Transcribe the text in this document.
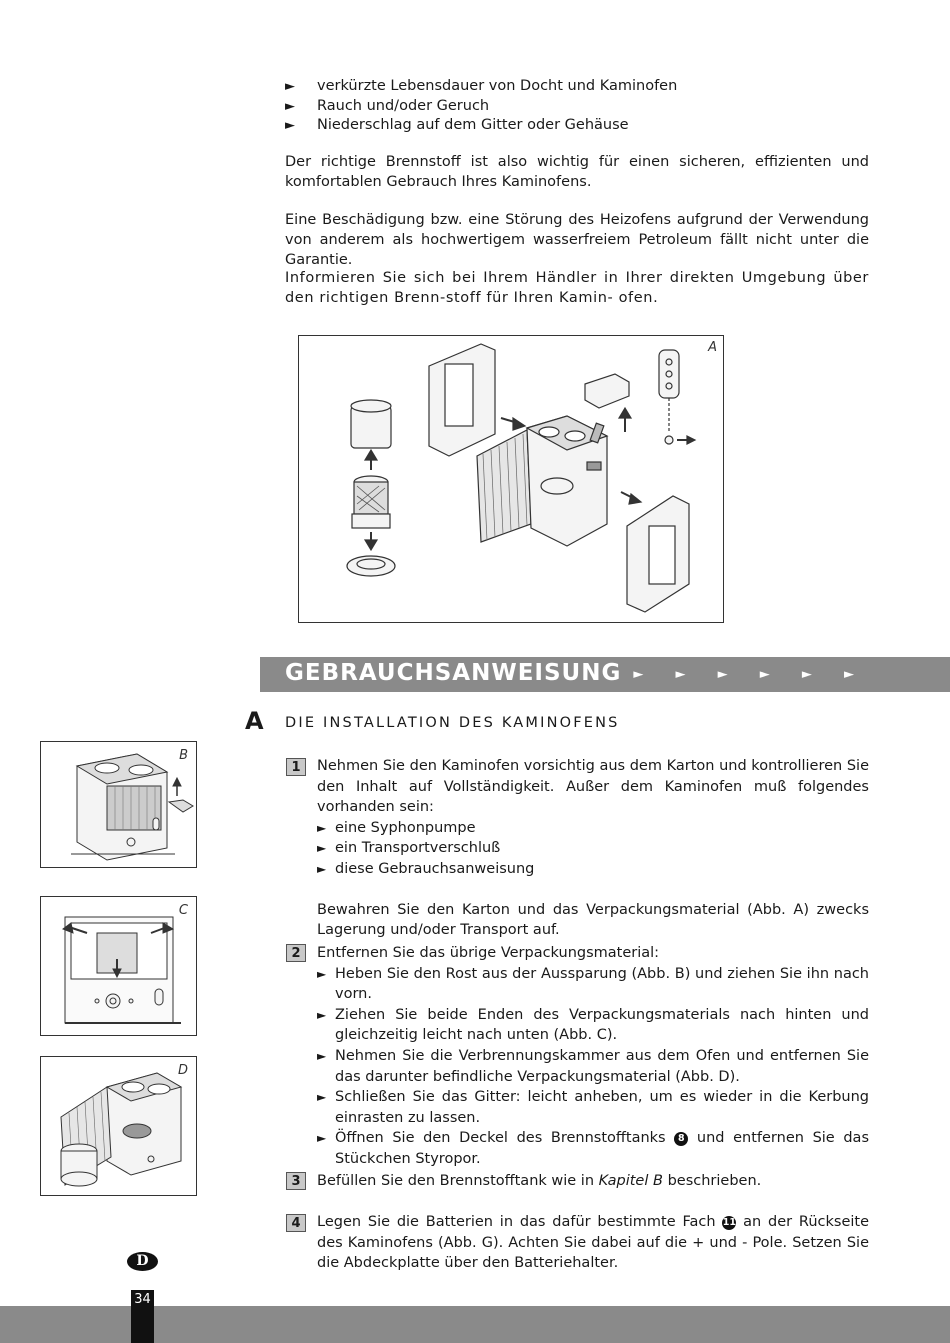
► verkürzte Lebensdauer von Docht und Kaminofen
► Rauch und/oder Geruch
► Niederschlag auf dem Gitter oder Gehäuse

Der richtige Brennstoff ist also wichtig für einen sicheren, effizienten und komfortablen Gebrauch Ihres Kaminofens.

Eine Beschädigung bzw. eine Störung des Heizofens aufgrund der Verwendung von anderem als hochwertigem wasserfreiem Petroleum fällt nicht unter die Garantie.

Informieren Sie sich bei Ihrem Händler in Ihrer direkten Umgebung über den richtigen Brenn-stoff für Ihren Kamin- ofen.

A
GEBRAUCHSANWEISUNG ► ► ► ► ► ►
A DIE INSTALLATION DES KAMINOFENS
B
C
D
1	Nehmen Sie den Kaminofen vorsichtig aus dem Karton und kontrollieren Sie den Inhalt auf Vollständigkeit. Außer dem Kaminofen muß folgendes vorhanden sein:
► eine Syphonpumpe
► ein Transportverschluß
► diese Gebrauchsanweisung
Bewahren Sie den Karton und das Verpackungsmaterial (Abb. A) zwecks Lagerung und/oder Transport auf.
2	Entfernen Sie das übrige Verpackungsmaterial:
► Heben Sie den Rost aus der Aussparung (Abb. B) und ziehen Sie ihn nach vorn.
► Ziehen Sie beide Enden des Verpackungsmaterials nach hinten und gleichzeitig leicht nach unten (Abb. C).
► Nehmen Sie die Verbrennungskammer aus dem Ofen und entfernen Sie das darunter befindliche Verpackungsmaterial (Abb. D).
► Schließen Sie das Gitter: leicht anheben, um es wieder in die Kerbung einrasten zu lassen.
► Öffnen Sie den Deckel des Brennstofftanks 8 und entfernen Sie das Stückchen Styropor.
3	Befüllen Sie den Brennstofftank wie in Kapitel B beschrieben.
4	Legen Sie die Batterien in das dafür bestimmte Fach 11 an der Rückseite des Kaminofens (Abb. G). Achten Sie dabei auf die + und - Pole. Setzen Sie die Abdeckplatte über den Batteriehalter.
D
34
